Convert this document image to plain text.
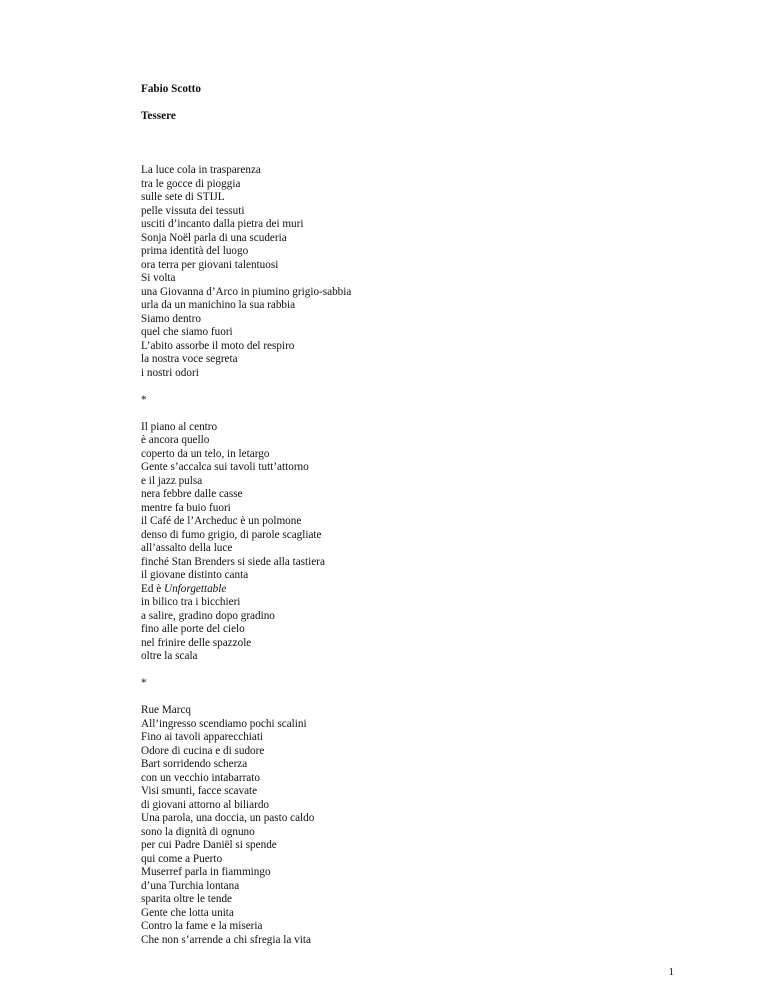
Fabio Scotto

Tessere

La luce cola in trasparenza
tra le gocce di pioggia
sulle sete di STIJL
pelle vissuta dei tessuti
usciti d’incanto dalla pietra dei muri
Sonja Noël parla di una scuderia
prima identità del luogo
ora terra per giovani talentuosi
Si volta
una Giovanna d’Arco in piumino grigio-sabbia
urla da un manichino la sua rabbia
Siamo dentro
quel che siamo fuori
L’abito assorbe il moto del respiro
la nostra voce segreta
i nostri odori
*
Il piano al centro
è ancora quello
coperto da un telo, in letargo
Gente s’accalca sui tavoli tutt’attorno
e il jazz pulsa
nera febbre dalle casse
mentre fa buio fuori
il Café de l’Archeduc è un polmone
denso di fumo grigio, di parole scagliate
all’assalto della luce
finché Stan Brenders si siede alla tastiera
il giovane distinto canta
Ed è Unforgettable
in bilico tra i bicchieri
a salire, gradino dopo gradino
fino alle porte del cielo
nel frinire delle spazzole
oltre la scala
*
Rue Marcq
All’ingresso scendiamo pochi scalini
Fino ai tavoli apparecchiati
Odore di cucina e di sudore
Bart sorridendo scherza
con un vecchio intabarrato
Visi smunti, facce scavate
di giovani attorno al biliardo
Una parola, una doccia, un pasto caldo
sono la dignità di ognuno
per cui Padre Daniël si spende
qui come a Puerto
Muserref parla in fiammingo
d’una Turchia lontana
sparita oltre le tende
Gente che lotta unita
Contro la fame e la miseria
Che non s’arrende a chi sfregia la vita
1
